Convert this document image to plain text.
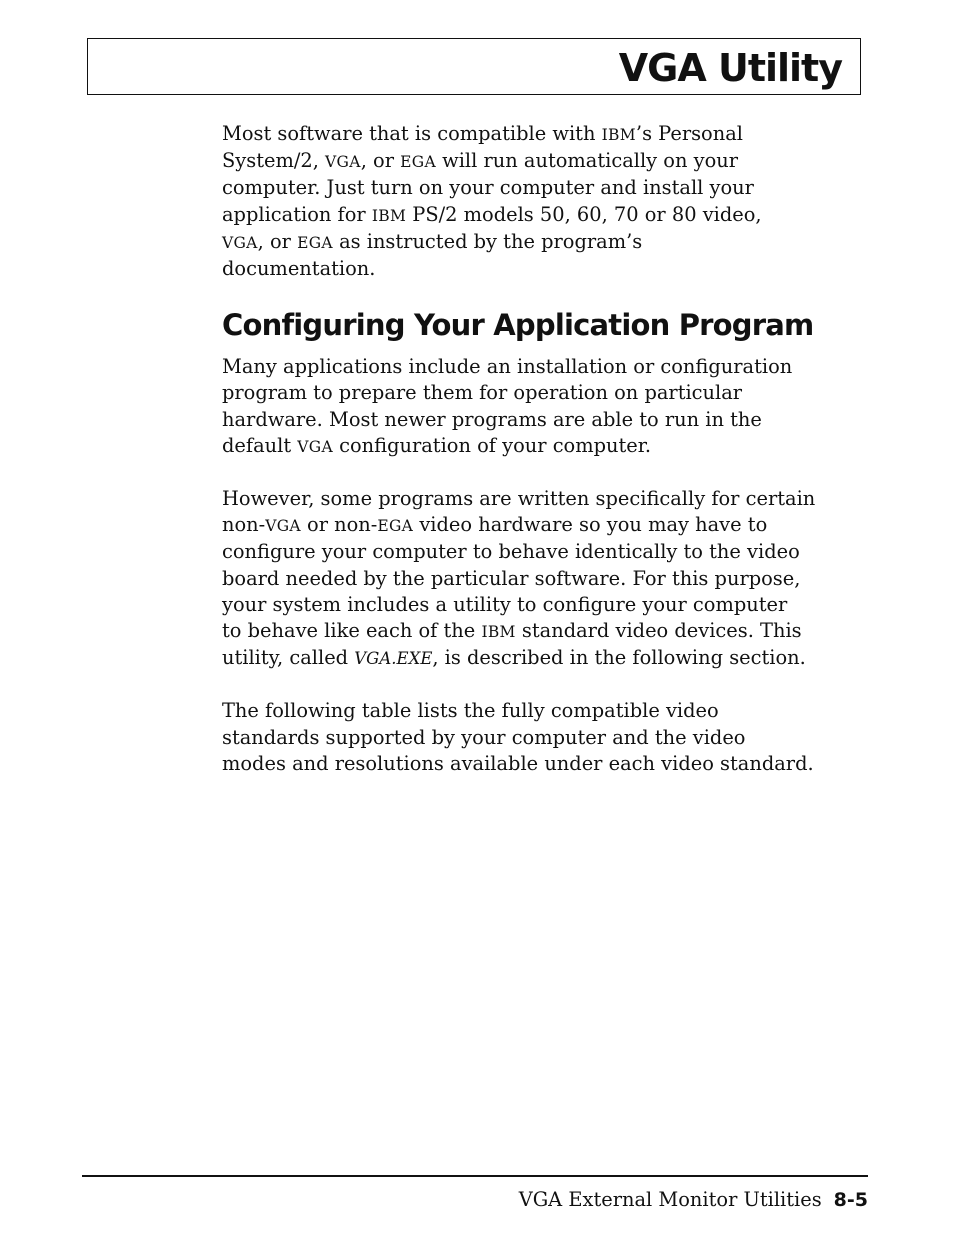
VGA Utility

Most software that is compatible with IBM’s Personal
System/2, VGA, or EGA will run automatically on your
computer. Just turn on your computer and install your
application for IBM PS/2 models 50, 60, 70 or 80 video,
VGA, or EGA as instructed by the program’s
documentation.

Configuring Your Application Program

Many applications include an installation or configuration
program to prepare them for operation on particular
hardware. Most newer programs are able to run in the
default VGA configuration of your computer.

However, some programs are written specifically for certain
non-VGA or non-EGA video hardware so you may have to
configure your computer to behave identically to the video
board needed by the particular software. For this purpose,
your system includes a utility to configure your computer
to behave like each of the IBM standard video devices. This
utility, called VGA.EXE, is described in the following section.

The following table lists the fully compatible video
standards supported by your computer and the video
modes and resolutions available under each video standard.

VGA External Monitor Utilities 8-5
